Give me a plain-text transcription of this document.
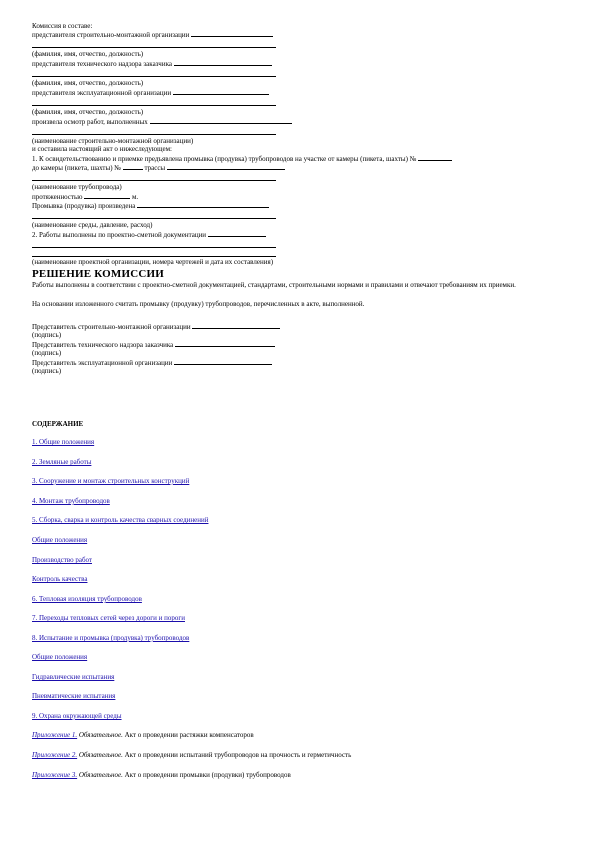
Комиссия в составе:
представителя строительно-монтажной организации
(фамилия, имя, отчество, должность)
представителя технического надзора заказчика
(фамилия, имя, отчество, должность)
представителя эксплуатационной организации
(фамилия, имя, отчество, должность)
произвела осмотр работ, выполненных
(наименование строительно-монтажной организации)
и составила настоящий акт о нижеследующем:
1. К освидетельствованию и приемке предъявлена промывка (продувка) трубопроводов на участке от камеры (пикета, шахты) №
до камеры (пикета, шахты) №	трассы
(наименование трубопровода)
протяженностью	м.
Промывка (продувка) произведена
(наименование среды, давление, расход)
2. Работы выполнены по проектно-сметной документации
(наименование проектной организации, номера чертежей и дата их составления)
РЕШЕНИЕ КОМИССИИ
Работы выполнены в соответствии с проектно-сметной документацией, стандартами, строительными нормами и правилами и отвечают требованиям их приемки.
На основании изложенного считать промывку (продувку) трубопроводов, перечисленных в акте, выполненной.
Представитель строительно-монтажной организации
(подпись)
Представитель технического надзора заказчика
(подпись)
Представитель эксплуатационной организации
(подпись)
СОДЕРЖАНИЕ
1. Общие положения
2. Земляные работы
3. Сооружение и монтаж строительных конструкций
4. Монтаж трубопроводов
5. Сборка, сварка и контроль качества сварных соединений
Общие положения
Производство работ
Контроль качества
6. Тепловая изоляция трубопроводов
7. Переходы тепловых сетей через дороги и пороги
8. Испытание и промывка (продувка) трубопроводов
Общие положения
Гидравлические испытания
Пневматические испытания
9. Охрана окружающей среды
Приложение 1. Обязательное. Акт о проведении растяжки компенсаторов
Приложение 2. Обязательное. Акт о проведении испытаний трубопроводов на прочность и герметичность
Приложение 3. Обязательное. Акт о проведении промывки (продувки) трубопроводов
